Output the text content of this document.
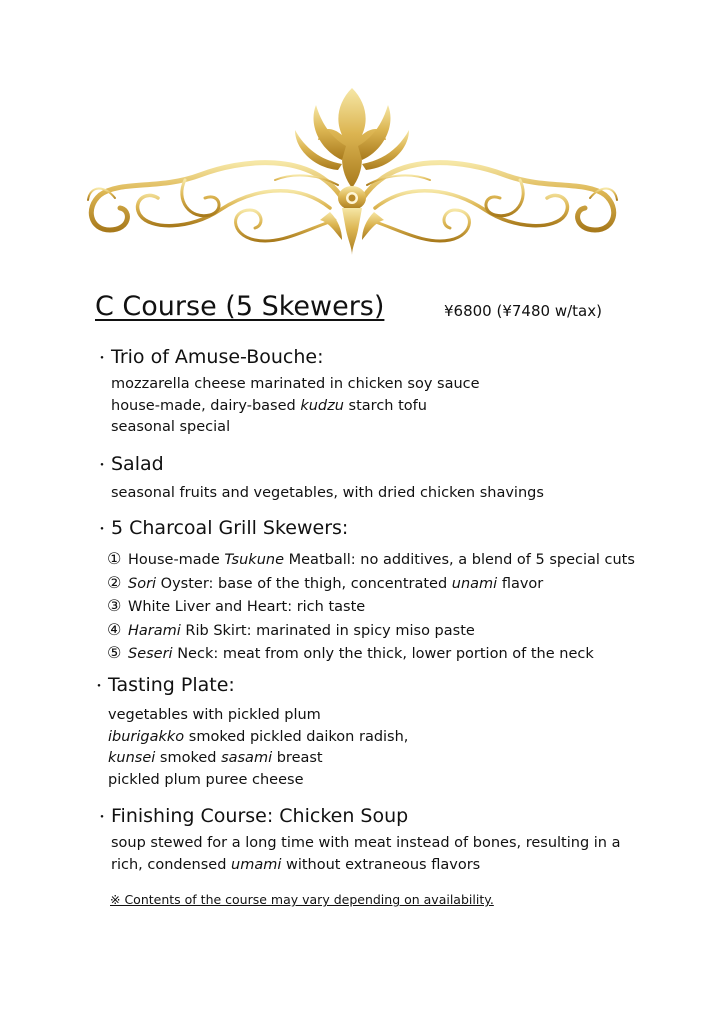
C Course (5 Skewers)	¥6800 (¥7480 w/tax)
・ Trio of Amuse-Bouche:
mozzarella cheese marinated in chicken soy sauce
house-made, dairy-based kudzu starch tofu
seasonal special
・ Salad
seasonal fruits and vegetables, with dried chicken shavings
・ 5 Charcoal Grill Skewers:
① House-made Tsukune Meatball: no additives, a blend of 5 special cuts
② Sori Oyster: base of the thigh, concentrated unami flavor
③ White Liver and Heart: rich taste
④ Harami Rib Skirt: marinated in spicy miso paste
⑤ Seseri Neck: meat from only the thick, lower portion of the neck
・ Tasting Plate:
vegetables with pickled plum
iburigakko smoked pickled daikon radish,
kunsei smoked sasami breast
pickled plum puree cheese
・ Finishing Course: Chicken Soup
soup stewed for a long time with meat instead of bones, resulting in a
rich, condensed umami without extraneous flavors
※ Contents of the course may vary depending on availability.
